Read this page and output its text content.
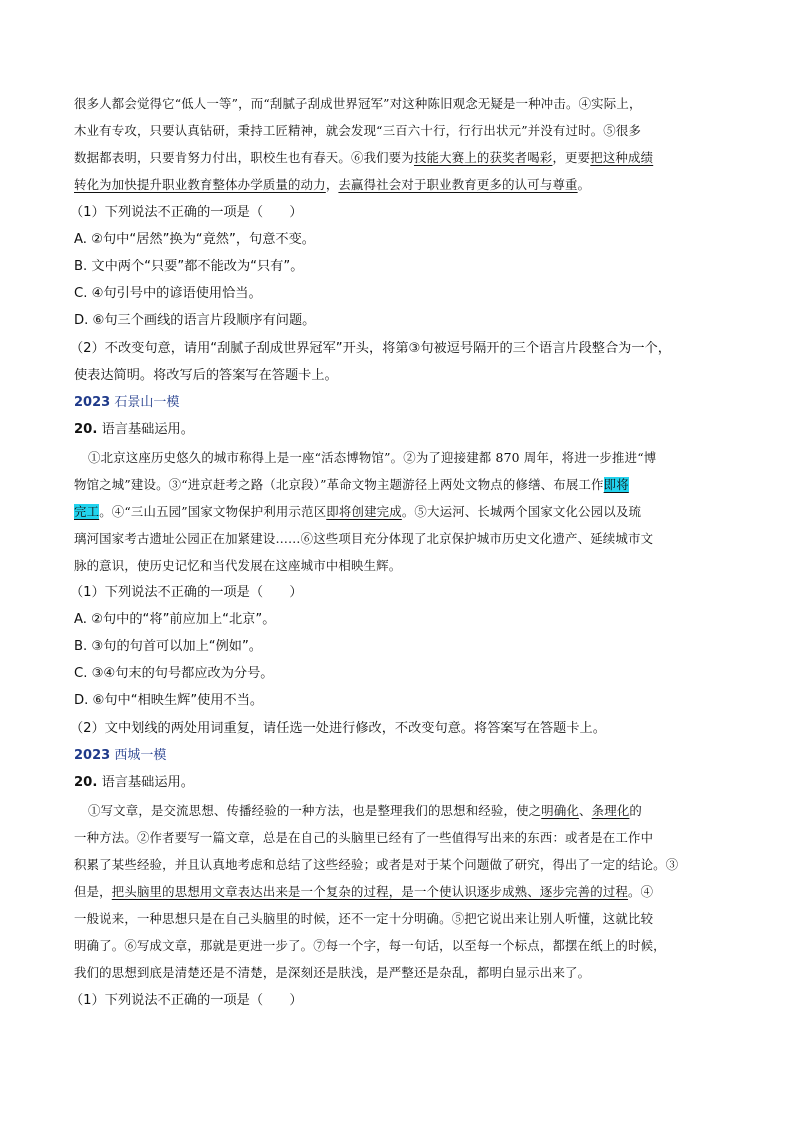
很多人都会觉得它“低人一等”，而“刮腻子刮成世界冠军”对这种陈旧观念无疑是一种冲击。④实际上，
木业有专攻，只要认真钻研，秉持工匠精神，就会发现“三百六十行，行行出状元”并没有过时。⑤很多
数据都表明，只要肯努力付出，职校生也有春天。⑥我们要为技能大赛上的获奖者喝彩，更要把这种成绩
转化为加快提升职业教育整体办学质量的动力，去赢得社会对于职业教育更多的认可与尊重。
（1）下列说法不正确的一项是（　　）
A. ②句中“居然”换为“竟然”，句意不变。
B. 文中两个“只要”都不能改为“只有”。
C. ④句引号中的谚语使用恰当。
D. ⑥句三个画线的语言片段顺序有问题。
（2）不改变句意，请用“刮腻子刮成世界冠军”开头，将第③句被逗号隔开的三个语言片段整合为一个，
使表达简明。将改写后的答案写在答题卡上。
2023 石景山一模
20. 语言基础运用。
①北京这座历史悠久的城市称得上是一座“活态博物馆”。②为了迎接建都 870 周年，将进一步推进“博
物馆之城”建设。③“进京赶考之路（北京段）”革命文物主题游径上两处文物点的修缮、布展工作即将
完工。④“三山五园”国家文物保护利用示范区即将创建完成。⑤大运河、长城两个国家文化公园以及琉
璃河国家考古遗址公园正在加紧建设……⑥这些项目充分体现了北京保护城市历史文化遗产、延续城市文
脉的意识，使历史记忆和当代发展在这座城市中相映生辉。
（1）下列说法不正确的一项是（　　）
A. ②句中的“将”前应加上“北京”。
B. ③句的句首可以加上“例如”。
C. ③④句末的句号都应改为分号。
D. ⑥句中“相映生辉”使用不当。
（2）文中划线的两处用词重复，请任选一处进行修改，不改变句意。将答案写在答题卡上。
2023 西城一模
20. 语言基础运用。
①写文章，是交流思想、传播经验的一种方法，也是整理我们的思想和经验，使之明确化、条理化的
一种方法。②作者要写一篇文章，总是在自己的头脑里已经有了一些值得写出来的东西：或者是在工作中
积累了某些经验，并且认真地考虑和总结了这些经验；或者是对于某个问题做了研究，得出了一定的结论。③
但是，把头脑里的思想用文章表达出来是一个复杂的过程，是一个使认识逐步成熟、逐步完善的过程。④
一般说来，一种思想只是在自己头脑里的时候，还不一定十分明确。⑤把它说出来让别人听懂，这就比较
明确了。⑥写成文章，那就是更进一步了。⑦每一个字，每一句话，以至每一个标点，都摆在纸上的时候，
我们的思想到底是清楚还是不清楚，是深刻还是肤浅，是严整还是杂乱，都明白显示出来了。
（1）下列说法不正确的一项是（　　）
